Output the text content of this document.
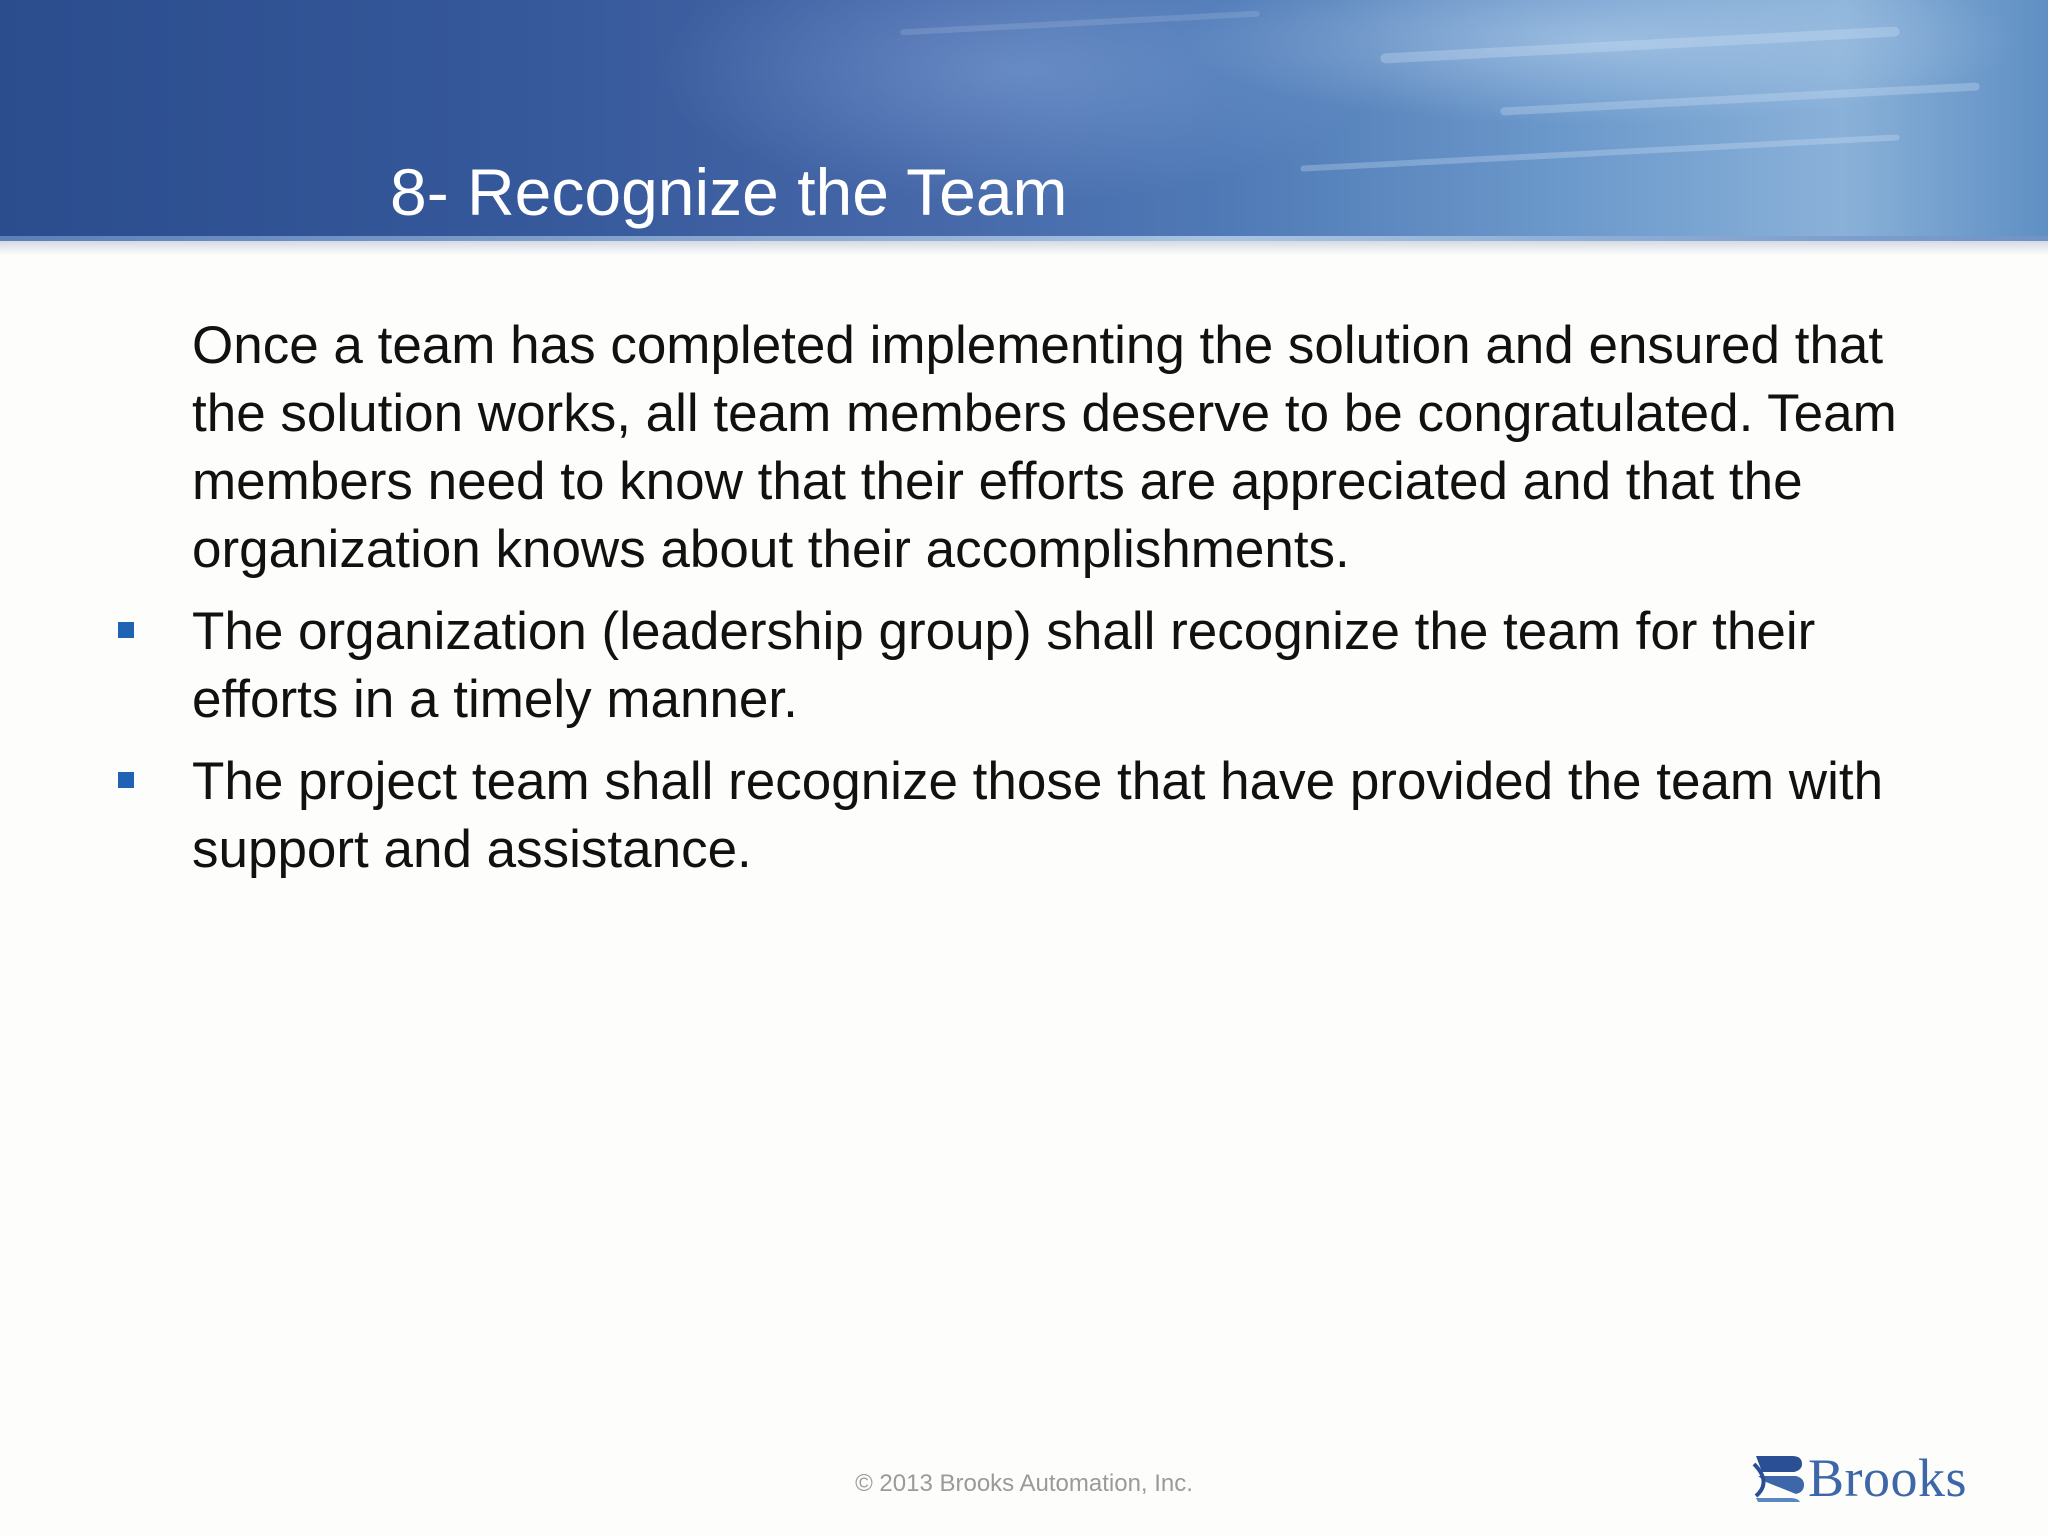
8- Recognize the Team

Once a team has completed implementing the solution and ensured that the solution works, all team members deserve to be congratulated. Team members need to know that their efforts are appreciated and that the organization knows about their accomplishments.

The organization (leadership group) shall recognize the team for their efforts in a timely manner.
The project team shall recognize those that have provided the team with support and assistance.
© 2013 Brooks Automation, Inc.	Brooks
